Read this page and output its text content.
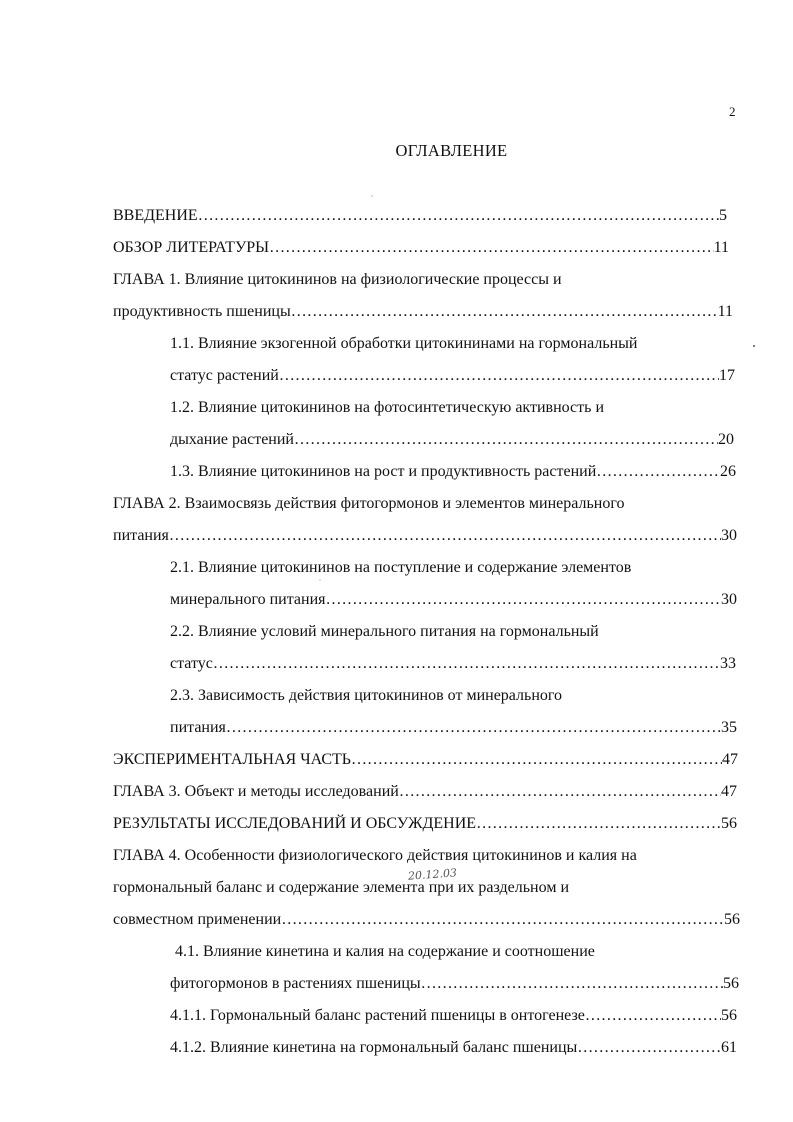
2
ОГЛАВЛЕНИЕ
ВВЕДЕНИЕ ………………………………………………………………………………………………………………………………………………………………………………………………	5
ОБЗОР ЛИТЕРАТУРЫ ………………………………………………………………………………………………………………………………………………………………………………………………	11
ГЛАВА 1. Влияние цитокининов на физиологические процессы и
продуктивность пшеницы ………………………………………………………………………………………………………………………………………………………………………………………………	11
1.1. Влияние экзогенной обработки цитокининами на гормональный
статус растений ………………………………………………………………………………………………………………………………………………………………………………………………	17
1.2. Влияние цитокининов на фотосинтетическую активность и
дыхание растений ………………………………………………………………………………………………………………………………………………………………………………………………	20
1.3. Влияние цитокининов на рост и продуктивность растений ………………………………………………………………………………………………………………………………………………………………………………………………	26
ГЛАВА 2. Взаимосвязь действия фитогормонов и элементов минерального
питания ………………………………………………………………………………………………………………………………………………………………………………………………	30
2.1. Влияние цитокининов на поступление и содержание элементов
минерального питания ………………………………………………………………………………………………………………………………………………………………………………………………	30
2.2. Влияние условий минерального питания на гормональный
статус ………………………………………………………………………………………………………………………………………………………………………………………………	33
2.3. Зависимость действия цитокининов от минерального
питания ………………………………………………………………………………………………………………………………………………………………………………………………	35
ЭКСПЕРИМЕНТАЛЬНАЯ ЧАСТЬ ………………………………………………………………………………………………………………………………………………………………………………………………	47
ГЛАВА 3. Объект и методы исследований ………………………………………………………………………………………………………………………………………………………………………………………………	47
РЕЗУЛЬТАТЫ ИССЛЕДОВАНИЙ И ОБСУЖДЕНИЕ ………………………………………………………………………………………………………………………………………………………………………………………………	56
ГЛАВА 4. Особенности физиологического действия цитокининов и калия на
гормональный баланс и содержание элемента при их раздельном и
совместном применении ………………………………………………………………………………………………………………………………………………………………………………………………	56
4.1. Влияние кинетина и калия на содержание и соотношение
фитогормонов в растениях пшеницы ………………………………………………………………………………………………………………………………………………………………………………………………	56
4.1.1. Гормональный баланс растений пшеницы в онтогенезе ………………………………………………………………………………………………………………………………………………………………………………………………	56
4.1.2. Влияние кинетина на гормональный баланс пшеницы ………………………………………………………………………………………………………………………………………………………………………………………………	61
20.12.03
